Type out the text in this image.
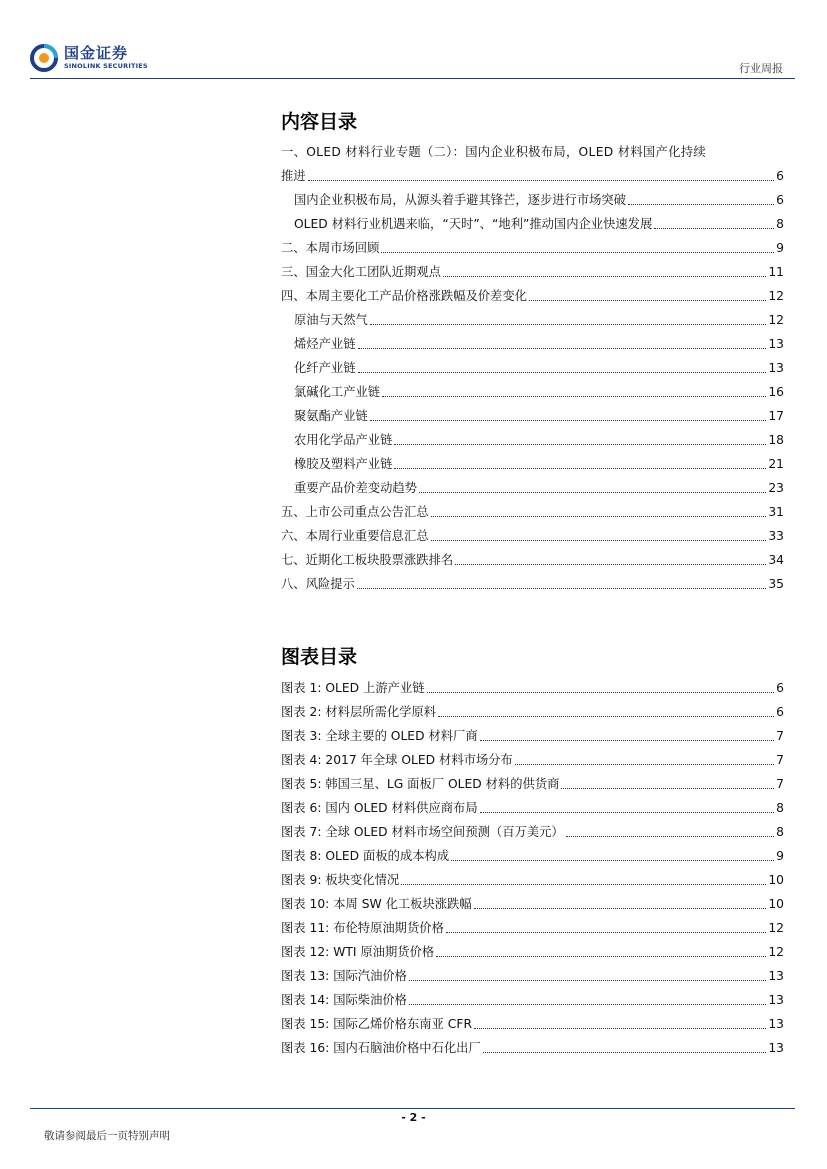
国金证券
SINOLINK SECURITIES	行业周报
内容目录
一、OLED 材料行业专题（二）：国内企业积极布局，OLED 材料国产化持续
推进	6
国内企业积极布局，从源头着手避其锋芒，逐步进行市场突破	6
OLED 材料行业机遇来临，“天时”、“地利”推动国内企业快速发展	8
二、本周市场回顾	9
三、国金大化工团队近期观点	11
四、本周主要化工产品价格涨跌幅及价差变化	12
原油与天然气	12
烯烃产业链	13
化纤产业链	13
氯碱化工产业链	16
聚氨酯产业链	17
农用化学品产业链	18
橡胶及塑料产业链	21
重要产品价差变动趋势	23
五、上市公司重点公告汇总	31
六、本周行业重要信息汇总	33
七、近期化工板块股票涨跌排名	34
八、风险提示	35
图表目录
图表 1: OLED 上游产业链	6
图表 2: 材料层所需化学原料	6
图表 3: 全球主要的 OLED 材料厂商	7
图表 4: 2017 年全球 OLED 材料市场分布	7
图表 5: 韩国三星、LG 面板厂 OLED 材料的供货商	7
图表 6: 国内 OLED 材料供应商布局	8
图表 7: 全球 OLED 材料市场空间预测（百万美元）	8
图表 8: OLED 面板的成本构成	9
图表 9: 板块变化情况	10
图表 10: 本周 SW 化工板块涨跌幅	10
图表 11: 布伦特原油期货价格	12
图表 12: WTI 原油期货价格	12
图表 13: 国际汽油价格	13
图表 14: 国际柴油价格	13
图表 15: 国际乙烯价格东南亚 CFR	13
图表 16: 国内石脑油价格中石化出厂	13
- 2 -
敬请参阅最后一页特别声明
